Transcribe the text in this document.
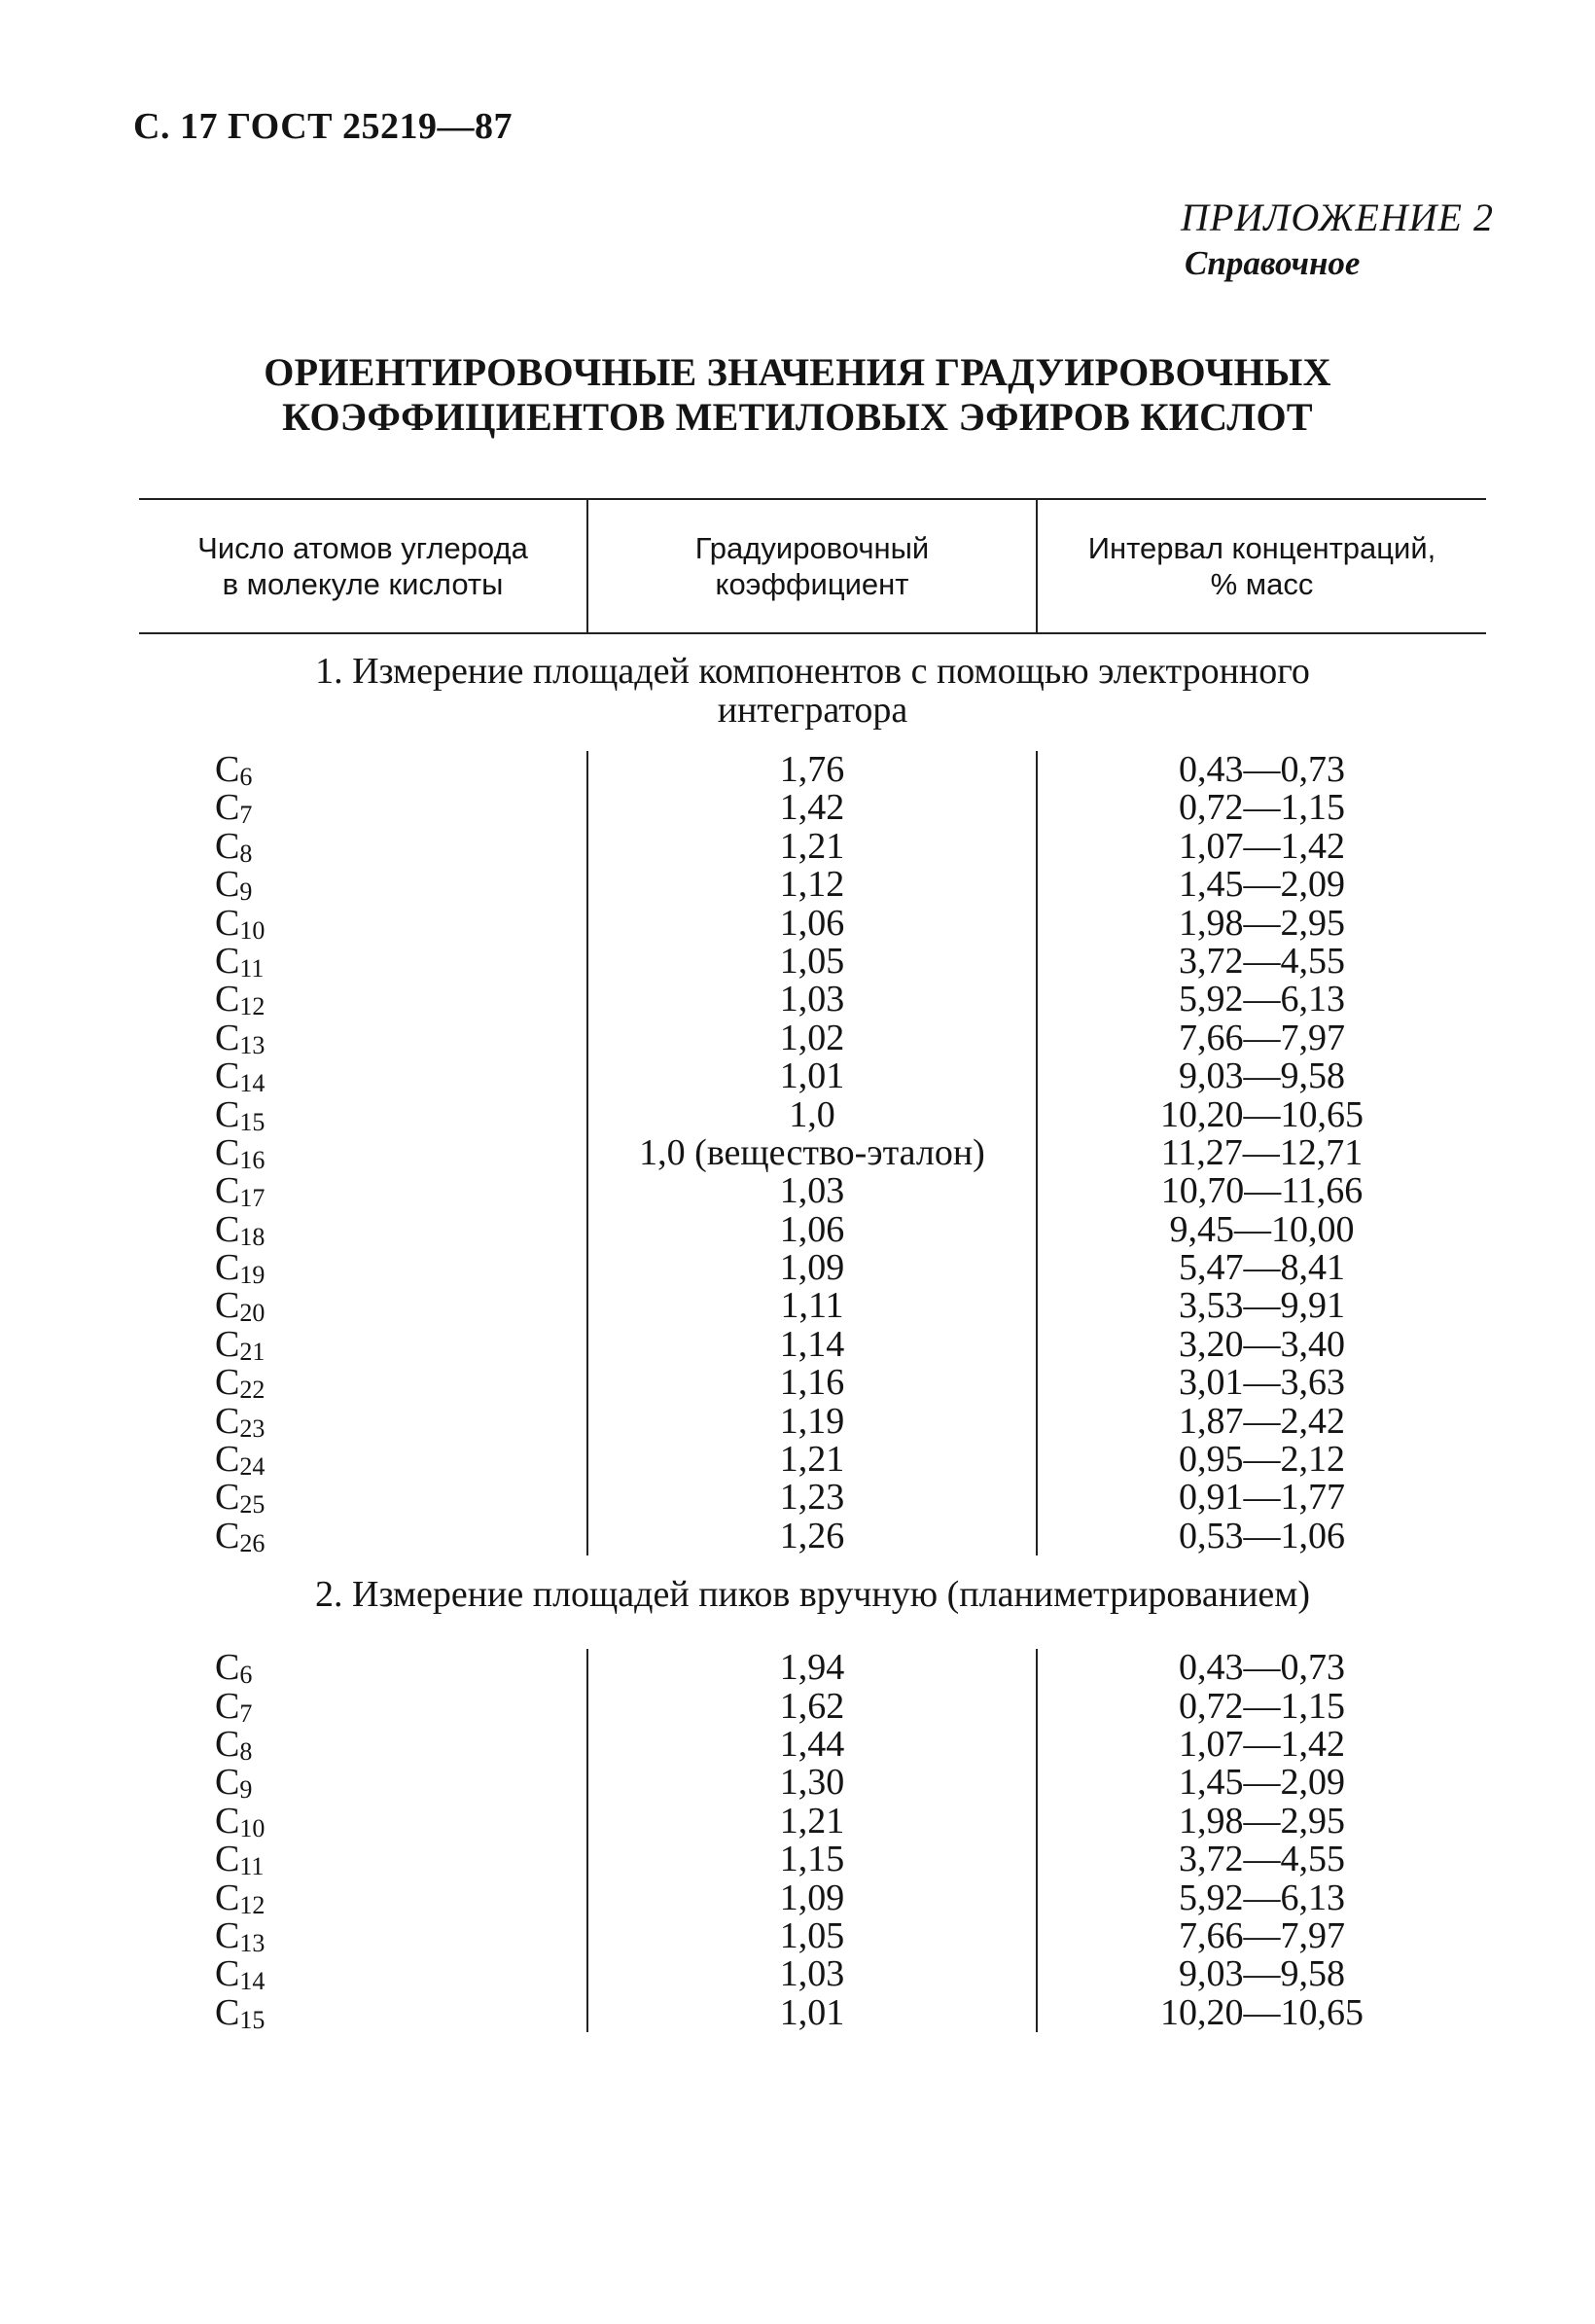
С. 17 ГОСТ 25219—87
ПРИЛОЖЕНИЕ 2
Справочное
ОРИЕНТИРОВОЧНЫЕ ЗНАЧЕНИЯ ГРАДУИРОВОЧНЫХ
КОЭФФИЦИЕНТОВ МЕТИЛОВЫХ ЭФИРОВ КИСЛОТ
Число атомов углерода
в молекуле кислоты
Градуировочный
коэффициент
Интервал концентраций,
% масс
1. Измерение площадей компонентов с помощью электронного
интегратора
$C_6$
$C_7$
$C_8$
$C_9$
$C_{10}$
$C_{11}$
$C_{12}$
$C_{13}$
$C_{14}$
$C_{15}$
$C_{16}$
$C_{17}$
$C_{18}$
$C_{19}$
$C_{20}$
$C_{21}$
$C_{22}$
$C_{23}$
$C_{24}$
$C_{25}$
$C_{26}$
1,76
1,42
1,21
1,12
1,06
1,05
1,03
1,02
1,01
1,0
1,0 (вещество-эталон)
1,03
1,06
1,09
1,11
1,14
1,16
1,19
1,21
1,23
1,26
0,43—0,73
0,72—1,15
1,07—1,42
1,45—2,09
1,98—2,95
3,72—4,55
5,92—6,13
7,66—7,97
9,03—9,58
10,20—10,65
11,27—12,71
10,70—11,66
9,45—10,00
5,47—8,41
3,53—9,91
3,20—3,40
3,01—3,63
1,87—2,42
0,95—2,12
0,91—1,77
0,53—1,06
2. Измерение площадей пиков вручную (планиметрированием)
$C_6$
$C_7$
$C_8$
$C_9$
$C_{10}$
$C_{11}$
$C_{12}$
$C_{13}$
$C_{14}$
$C_{15}$
1,94
1,62
1,44
1,30
1,21
1,15
1,09
1,05
1,03
1,01
0,43—0,73
0,72—1,15
1,07—1,42
1,45—2,09
1,98—2,95
3,72—4,55
5,92—6,13
7,66—7,97
9,03—9,58
10,20—10,65
